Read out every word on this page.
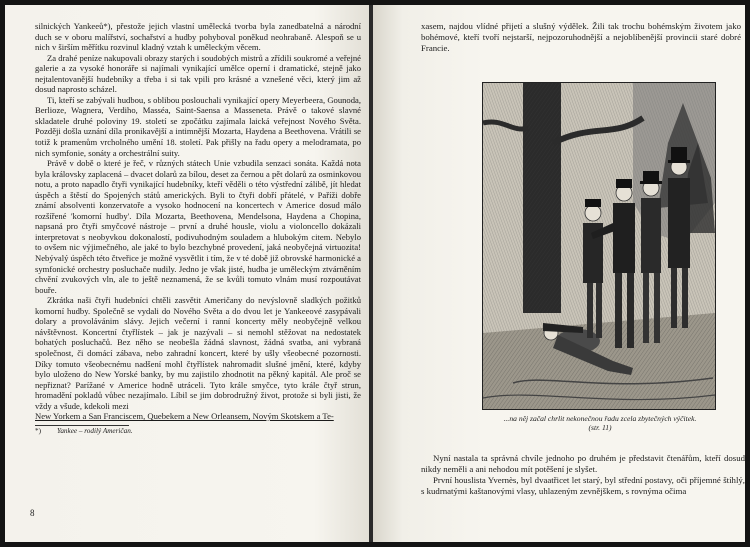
silnických Yankeeů*), přestože jejich vlastní umělecká tvorba byla zanedbatelná a národní duch se v oboru malířství, sochařství a hudby pohyboval poněkud neohrabaně. Alespoň se u nich v širším měřítku rozvinul kladný vztah k uměleckým věcem.

Za drahé peníze nakupovali obrazy starých i soudobých mistrů a zřídili soukromé a veřejné galerie a za vysoké honoráře si najímali vynikající umělce operní i dramatické, stejně jako nejtalentovanější hudebníky a třeba i si tak vpili pro krásné a vznešené věci, který jim až dosud naprosto scházel.

Ti, kteří se zabývali hudbou, s oblibou poslouchali vynikající opery Meyerbeera, Gounoda, Berlioze, Wagnera, Verdiho, Masséa, Saint-Saensa a Masseneta. Právě o takové slavné skladatele druhé poloviny 19. století se zpočátku zajímala laická veřejnost Nového Světa. Později došla uznání díla pronikavější a intimnější Mozarta, Haydena a Beethovena. Vrátili se totiž k pramenům vrcholného umění 18. století. Pak přišly na řadu opery a melodramata, po nich symfonie, sonáty a orchestrální suity.

Právě v době o které je řeč, v různých státech Unie vzbudila senzaci sonáta. Každá nota byla královsky zaplacená – dvacet dolarů za bílou, deset za černou a pět dolarů za osminkovou notu, a proto napadlo čtyři vynikající hudebníky, kteří věděli o této výstřední zálibě, jít hledat úspěch a štěstí do Spojených států amerických. Byli to čtyři dobří přátelé, v Paříži dobře známí absolventi konzervatoře a vysoko hodnocení na koncertech v Americe dosud málo rozšířené 'komorní hudby'. Díla Mozarta, Beethovena, Mendelsona, Haydena a Chopina, napsaná pro čtyři smyčcové nástroje – první a druhé housle, violu a violoncello dokázali interpretovat s neobyvkou dokonalostí, podivuhodným souladem a hlubokým citem. Nebylo to ovšem nic výjimečného, ale jaké to bylo bezchybné provedení, jaká neobyčejná virtuozita! Nebývalý úspěch této čtveřice je možné vysvětlit i tím, že v té době již obrovské harmonické a symfonické orchestry posluchače nudily. Jedno je však jisté, hudba je uměleckým ztvárněním chvění zvukových vln, ale to ještě neznamená, že se kvůli tomuto vlnám musí rozpoutávat bouře.

Zkrátka naši čtyři hudebníci chtěli zasvětit Američany do nevýslovně sladkých požitků komorní hudby. Společně se vydali do Nového Světa a do dvou let je Yankeeové zasypávali dolary a provolávánim slávy. Jejich večerní i ranní koncerty měly neobyčejně velkou návštěvnost. Koncertní čtyřlístek – jak je nazývali – si nemohl stěžovat na nedostatek bohatých posluchačů. Bez něho se neobešla žádná slavnost, žádná svatba, ani vybraná společnost, či domácí zábava, nebo zahradní koncert, které by ušly všeobecné pozornosti. Díky tomuto všeobecnému nadšení mohl čtyřlístek nahromadit slušné jmění, které, kdyby bylo uloženo do New Yorské banky, by mu zajistilo zhodnotit na pěkný kapitál. Ale proč se nepřiznat? Parížané v Americe hodně utráceli. Tyto krále smyčce, tyto krále čtyř strun, hromadění pokladů vůbec nezajímalo. Líbil se jim dobrodružný život, protože si byli jisti, že vždy a všude, kdekoli mezi

New Yorkem a San Franciscem, Quebekem a New Orleansem, Novým Skotskem a Te-

*) Yankee – rodilý Američan.
8

xasem, najdou vlídné přijetí a slušný výdělek. Žili tak trochu bohémským životem jako bohémové, kteří tvoří nejstarší, nejpozoruhodnější a nejoblíbenější provincii staré dobré Francie.

...na něj začal chrlit nekonečnou řadu zcela zbytečných výčitek.
(str. 11)

Nyní nastala ta správná chvíle jednoho po druhém je představit čtenářům, kteří dosud nikdy neměli a ani nehodou mít potěšení je slyšet.

První houslista Yvernès, byl dvaatřicet let starý, byl střední postavy, oči příjemné štíhlý, s kudrnatými kaštanovými vlasy, uhlazeným zevnějškem, s rovnýma očima
